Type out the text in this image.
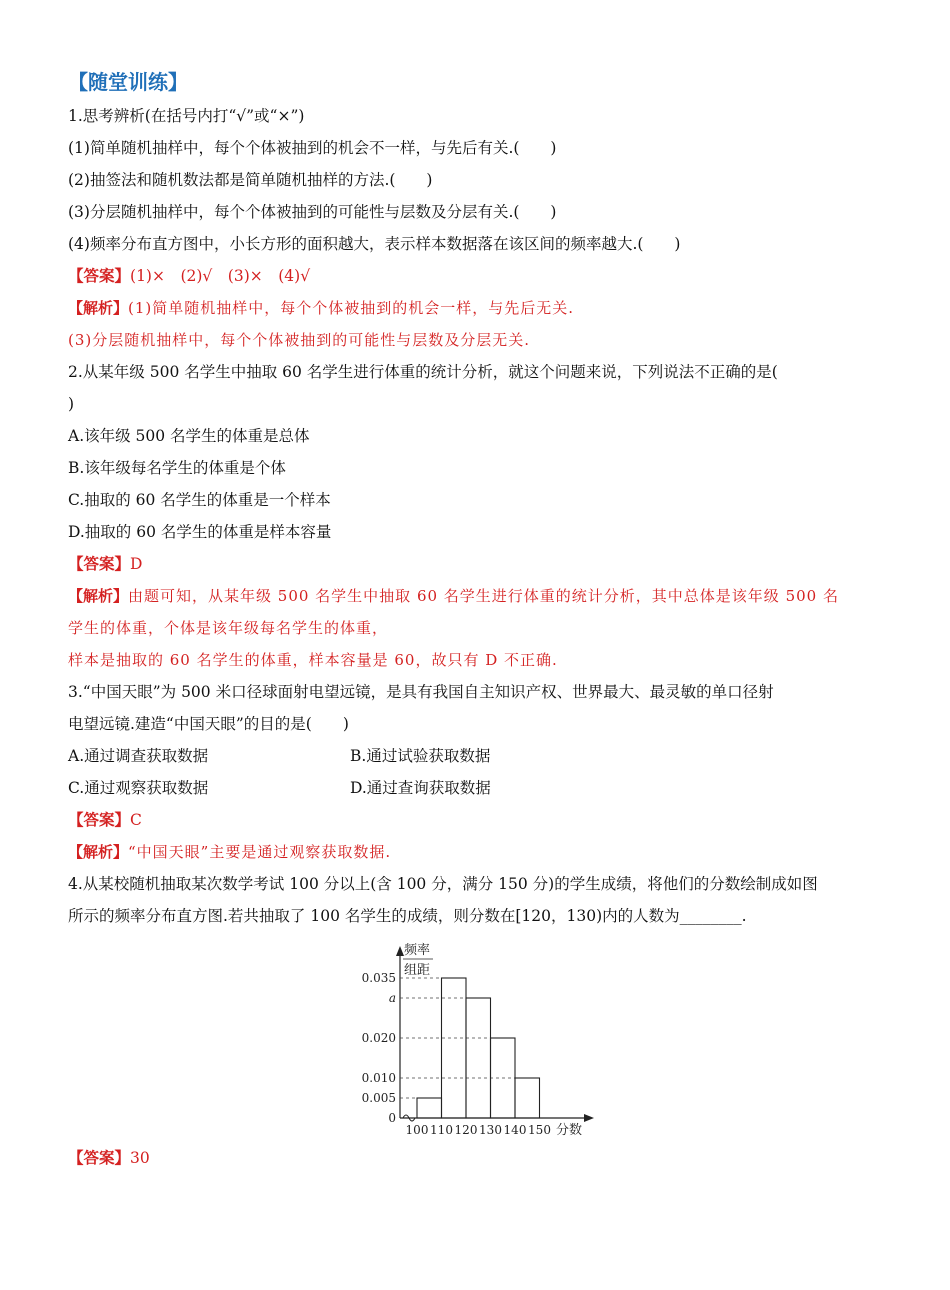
【随堂训练】
1.思考辨析(在括号内打“√”或“×”)
(1)简单随机抽样中，每个个体被抽到的机会不一样，与先后有关.(　　)
(2)抽签法和随机数法都是简单随机抽样的方法.(　　)
(3)分层随机抽样中，每个个体被抽到的可能性与层数及分层有关.(　　)
(4)频率分布直方图中，小长方形的面积越大，表示样本数据落在该区间的频率越大.(　　)
【答案】(1)×　(2)√　(3)×　(4)√
【解析】(1)简单随机抽样中，每个个体被抽到的机会一样，与先后无关.
(3)分层随机抽样中，每个个体被抽到的可能性与层数及分层无关.
2.从某年级 500 名学生中抽取 60 名学生进行体重的统计分析，就这个问题来说，下列说法不正确的是(
)
A.该年级 500 名学生的体重是总体
B.该年级每名学生的体重是个体
C.抽取的 60 名学生的体重是一个样本
D.抽取的 60 名学生的体重是样本容量
【答案】D
【解析】由题可知，从某年级 500 名学生中抽取 60 名学生进行体重的统计分析，其中总体是该年级 500 名
学生的体重，个体是该年级每名学生的体重，
样本是抽取的 60 名学生的体重，样本容量是 60，故只有 D 不正确.
3.“中国天眼”为 500 米口径球面射电望远镜，是具有我国自主知识产权、世界最大、最灵敏的单口径射
电望远镜.建造“中国天眼”的目的是(　　)
A.通过调查获取数据	B.通过试验获取数据
C.通过观察获取数据	D.通过查询获取数据
【答案】C
【解析】“中国天眼”主要是通过观察获取数据.
4.从某校随机抽取某次数学考试 100 分以上(含 100 分，满分 150 分)的学生成绩，将他们的分数绘制成如图
所示的频率分布直方图.若共抽取了 100 名学生的成绩，则分数在[120，130)内的人数为________.
频率
组距
0
0.005
0.010
0.020
a
0.035
100 110 120 130 140 150 分数
【答案】30
